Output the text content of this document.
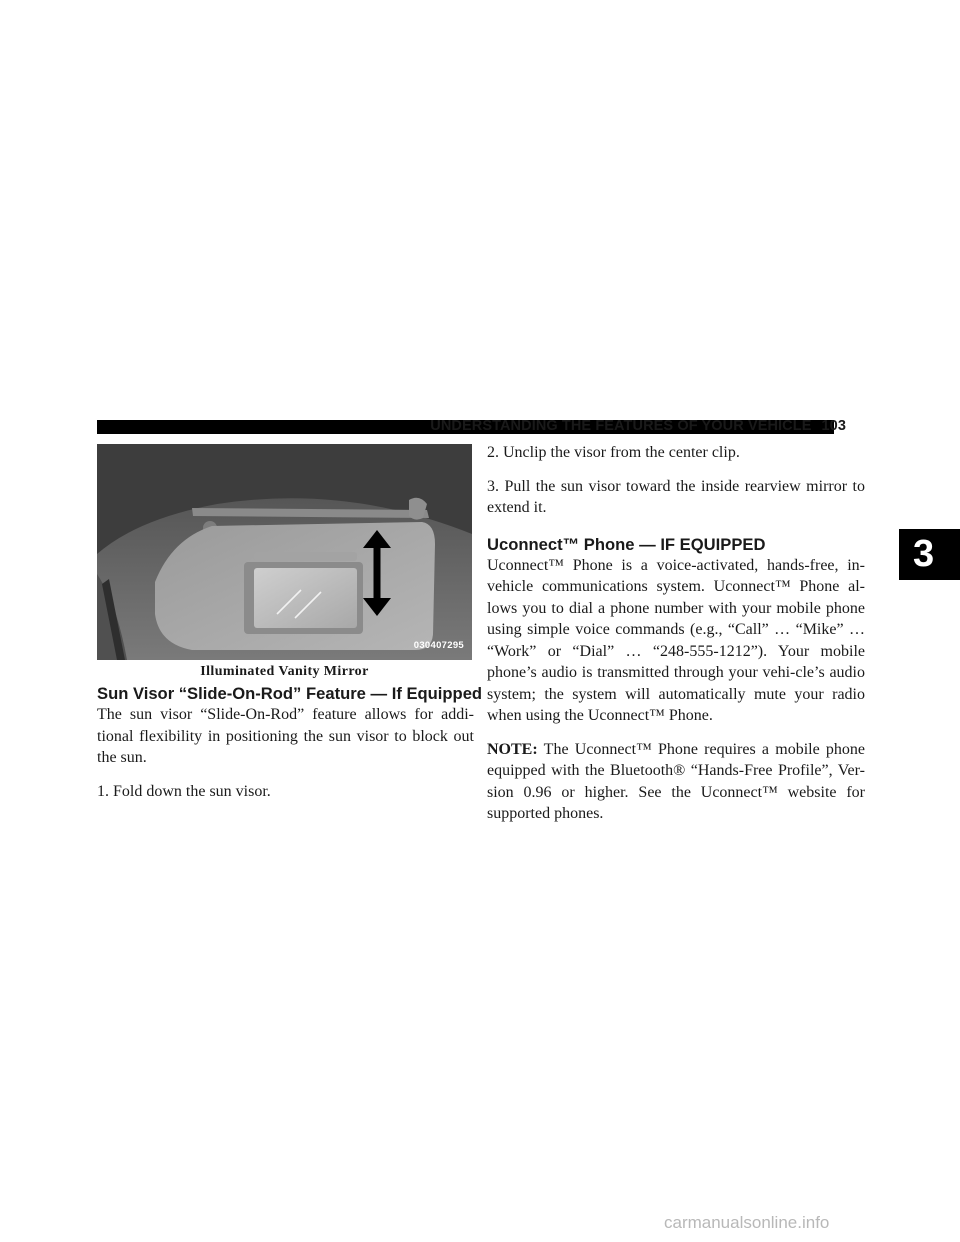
UNDERSTANDING THE FEATURES OF YOUR VEHICLE 103
3
030407295
Illuminated Vanity Mirror
Sun Visor “Slide-On-Rod” Feature — If Equipped

The sun visor “Slide-On-Rod” feature allows for addi-tional flexibility in positioning the sun visor to block out the sun.

1. Fold down the sun visor.

2. Unclip the visor from the center clip.

3. Pull the sun visor toward the inside rearview mirror to extend it.

Uconnect™ Phone — IF EQUIPPED

Uconnect™ Phone is a voice-activated, hands-free, in-vehicle communications system. Uconnect™ Phone al-lows you to dial a phone number with your mobile phone using simple voice commands (e.g., “Call” … “Mike” … “Work” or “Dial” … “248-555-1212”). Your mobile phone’s audio is transmitted through your vehi-cle’s audio system; the system will automatically mute your radio when using the Uconnect™ Phone.

NOTE: The Uconnect™ Phone requires a mobile phone equipped with the Bluetooth® “Hands-Free Profile”, Ver-sion 0.96 or higher. See the Uconnect™ website for supported phones.

carmanualsonline.info
